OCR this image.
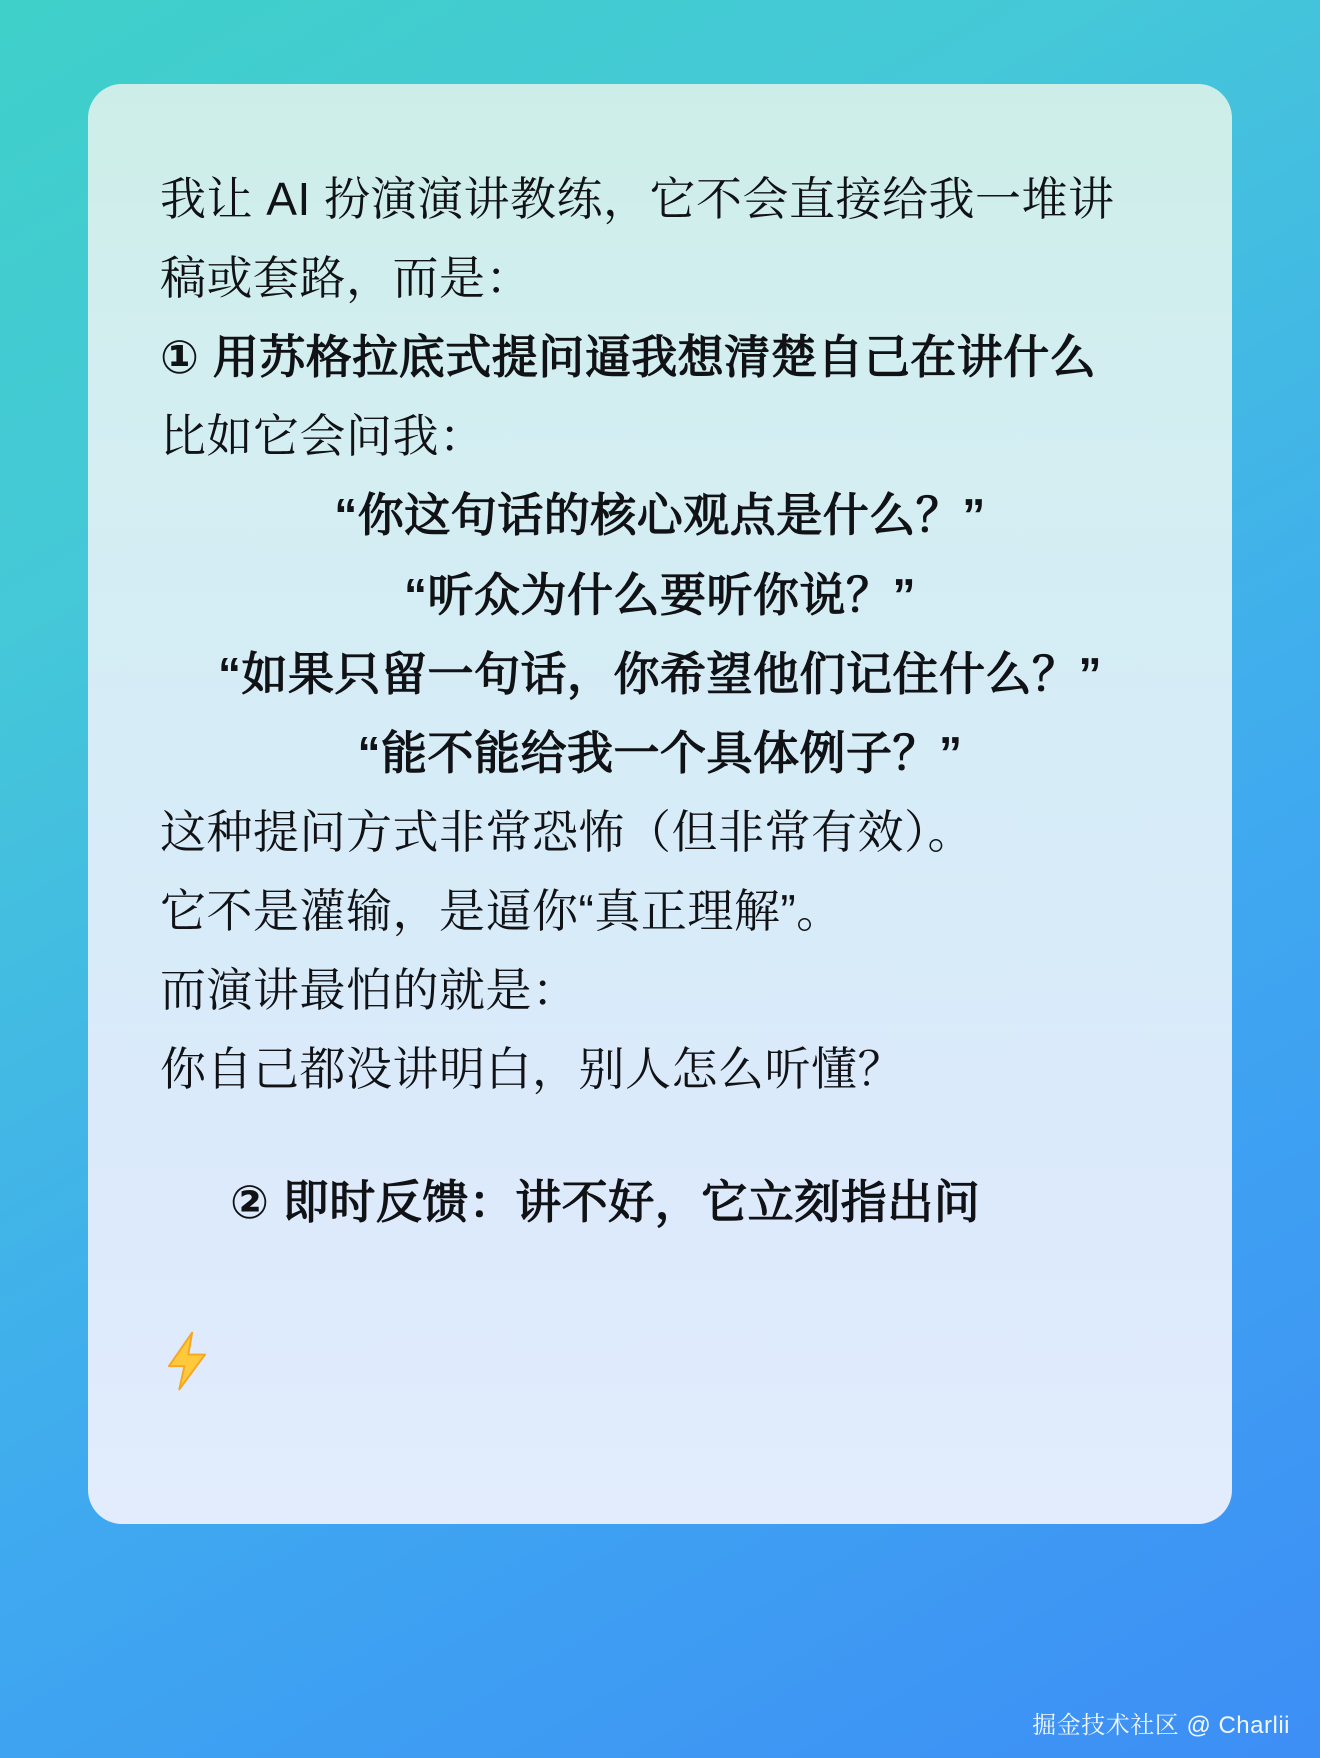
我让 AI 扮演演讲教练，它不会直接给我一堆讲稿或套路，而是：
① 用苏格拉底式提问逼我想清楚自己在讲什么
比如它会问我：
“你这句话的核心观点是什么？”
“听众为什么要听你说？”
“如果只留一句话，你希望他们记住什么？”
“能不能给我一个具体例子？”
这种提问方式非常恐怖（但非常有效）。
它不是灌输，是逼你“真正理解”。
而演讲最怕的就是：
你自己都没讲明白，别人怎么听懂？

② 即时反馈：讲不好，它立刻指出问
掘金技术社区 @ Charlii
